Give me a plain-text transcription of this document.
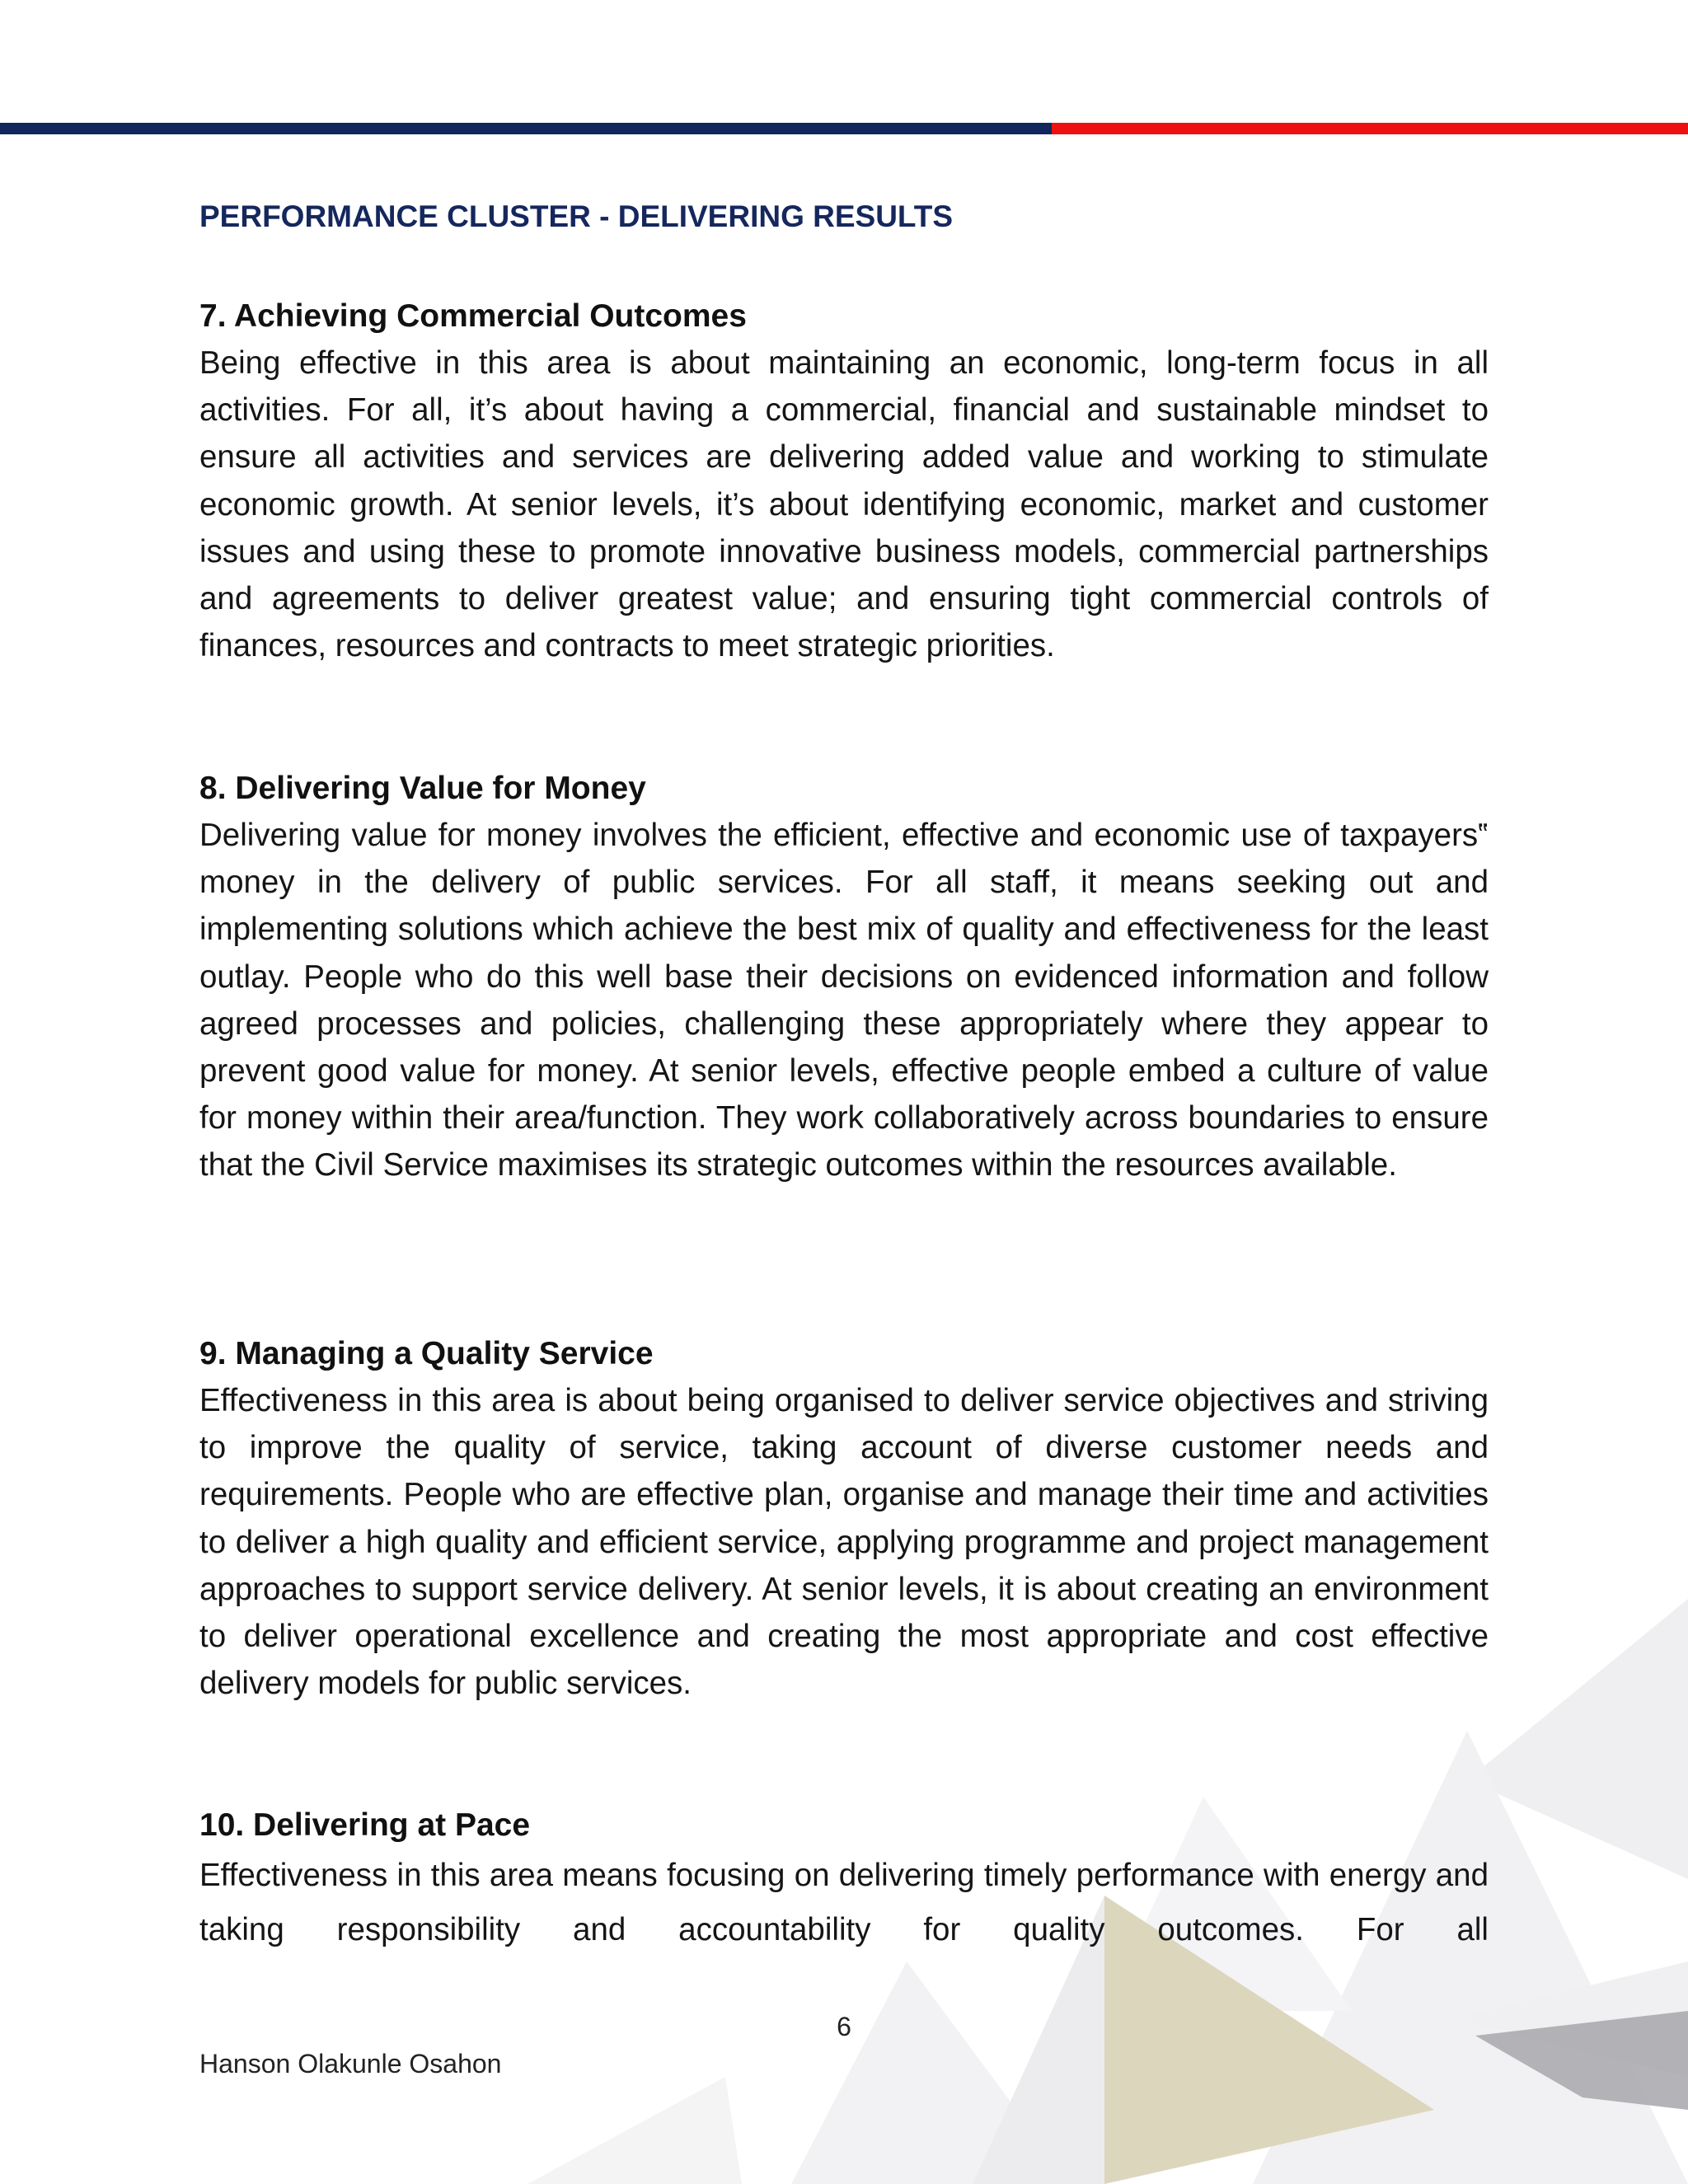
PERFORMANCE CLUSTER - DELIVERING RESULTS

7. Achieving Commercial Outcomes

Being effective in this area is about maintaining an economic, long-term focus in all activities. For all, it’s about having a commercial, financial and sustainable mindset to ensure all activities and services are delivering added value and working to stimulate economic growth. At senior levels, it’s about identifying economic, market and customer issues and using these to promote innovative business models, commercial partnerships and agreements to deliver greatest value; and ensuring tight commercial controls of finances, resources and contracts to meet strategic priorities.

8. Delivering Value for Money

Delivering value for money involves the efficient, effective and economic use of taxpayers‟ money in the delivery of public services. For all staff, it means seeking out and implementing solutions which achieve the best mix of quality and effectiveness for the least outlay. People who do this well base their decisions on evidenced information and follow agreed processes and policies, challenging these appropriately where they appear to prevent good value for money. At senior levels, effective people embed a culture of value for money within their area/function. They work collaboratively across boundaries to ensure that the Civil Service maximises its strategic outcomes within the resources available.

9. Managing a Quality Service

Effectiveness in this area is about being organised to deliver service objectives and striving to improve the quality of service, taking account of diverse customer needs and requirements. People who are effective plan, organise and manage their time and activities to deliver a high quality and efficient service, applying programme and project management approaches to support service delivery. At senior levels, it is about creating an environment to deliver operational excellence and creating the most appropriate and cost effective delivery models for public services.

10. Delivering at Pace

Effectiveness in this area means focusing on delivering timely performance with energy and taking responsibility and accountability for quality outcomes. For all

6
Hanson Olakunle Osahon
